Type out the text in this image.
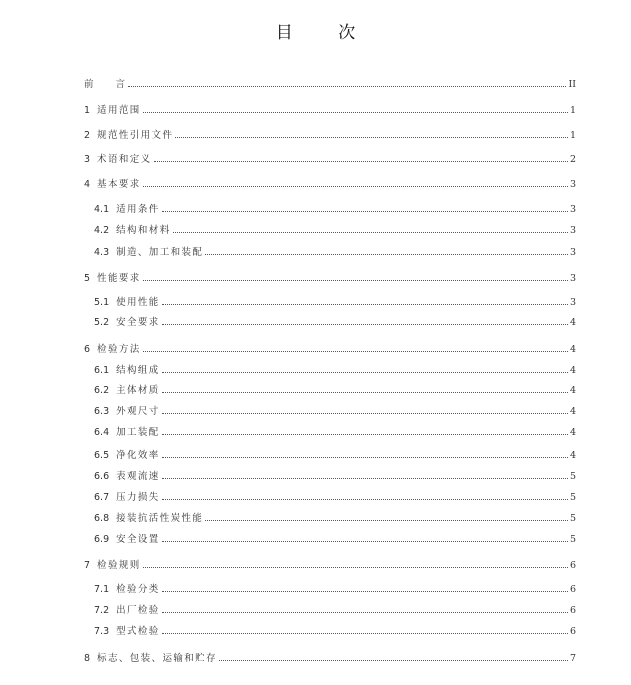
目 次
前 言	II
1 适用范围	1
2 规范性引用文件	1
3 术语和定义	2
4 基本要求	3
4.1 适用条件	3
4.2 结构和材料	3
4.3 制造、加工和装配	3
5 性能要求	3
5.1 使用性能	3
5.2 安全要求	4
6 检验方法	4
6.1 结构组成	4
6.2 主体材质	4
6.3 外观尺寸	4
6.4 加工装配	4
6.5 净化效率	4
6.6 表观流速	5
6.7 压力损失	5
6.8 接装抗活性炭性能	5
6.9 安全设置	5
7 检验规则	6
7.1 检验分类	6
7.2 出厂检验	6
7.3 型式检验	6
8 标志、包装、运输和贮存	7
